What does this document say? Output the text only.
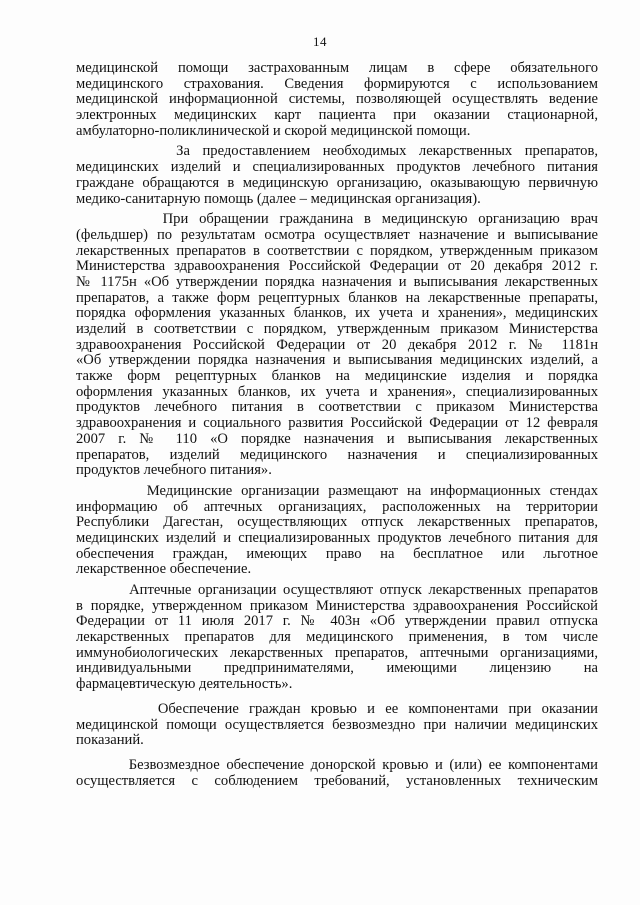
14
медицинской помощи застрахованным лицам в сфере обязательного
медицинского страхования. Сведения формируются с использованием
медицинской информационной системы, позволяющей осуществлять ведение
электронных медицинских карт пациента при оказании стационарной,
амбулаторно-поликлинической и скорой медицинской помощи.
За предоставлением необходимых лекарственных препаратов,
медицинских изделий и специализированных продуктов лечебного питания
граждане обращаются в медицинскую организацию, оказывающую первичную
медико-санитарную помощь (далее – медицинская организация).
При обращении гражданина в медицинскую организацию врач
(фельдшер) по результатам осмотра осуществляет назначение и выписывание
лекарственных препаратов в соответствии с порядком, утвержденным приказом
Министерства здравоохранения Российской Федерации от 20 декабря 2012 г.
№ 1175н «Об утверждении порядка назначения и выписывания лекарственных
препаратов, а также форм рецептурных бланков на лекарственные препараты,
порядка оформления указанных бланков, их учета и хранения», медицинских
изделий в соответствии с порядком, утвержденным приказом Министерства
здравоохранения Российской Федерации от 20 декабря 2012 г. № 1181н
«Об утверждении порядка назначения и выписывания медицинских изделий, а
также форм рецептурных бланков на медицинские изделия и порядка
оформления указанных бланков, их учета и хранения», специализированных
продуктов лечебного питания в соответствии с приказом Министерства
здравоохранения и социального развития Российской Федерации от 12 февраля
2007 г. № 110 «О порядке назначения и выписывания лекарственных
препаратов, изделий медицинского назначения и специализированных
продуктов лечебного питания».
Медицинские организации размещают на информационных стендах
информацию об аптечных организациях, расположенных на территории
Республики Дагестан, осуществляющих отпуск лекарственных препаратов,
медицинских изделий и специализированных продуктов лечебного питания для
обеспечения граждан, имеющих право на бесплатное или льготное
лекарственное обеспечение.
Аптечные организации осуществляют отпуск лекарственных препаратов
в порядке, утвержденном приказом Министерства здравоохранения Российской
Федерации от 11 июля 2017 г. № 403н «Об утверждении правил отпуска
лекарственных препаратов для медицинского применения, в том числе
иммунобиологических лекарственных препаратов, аптечными организациями,
индивидуальными предпринимателями, имеющими лицензию на
фармацевтическую деятельность».
Обеспечение граждан кровью и ее компонентами при оказании
медицинской помощи осуществляется безвозмездно при наличии медицинских
показаний.
Безвозмездное обеспечение донорской кровью и (или) ее компонентами
осуществляется с соблюдением требований, установленных техническим
